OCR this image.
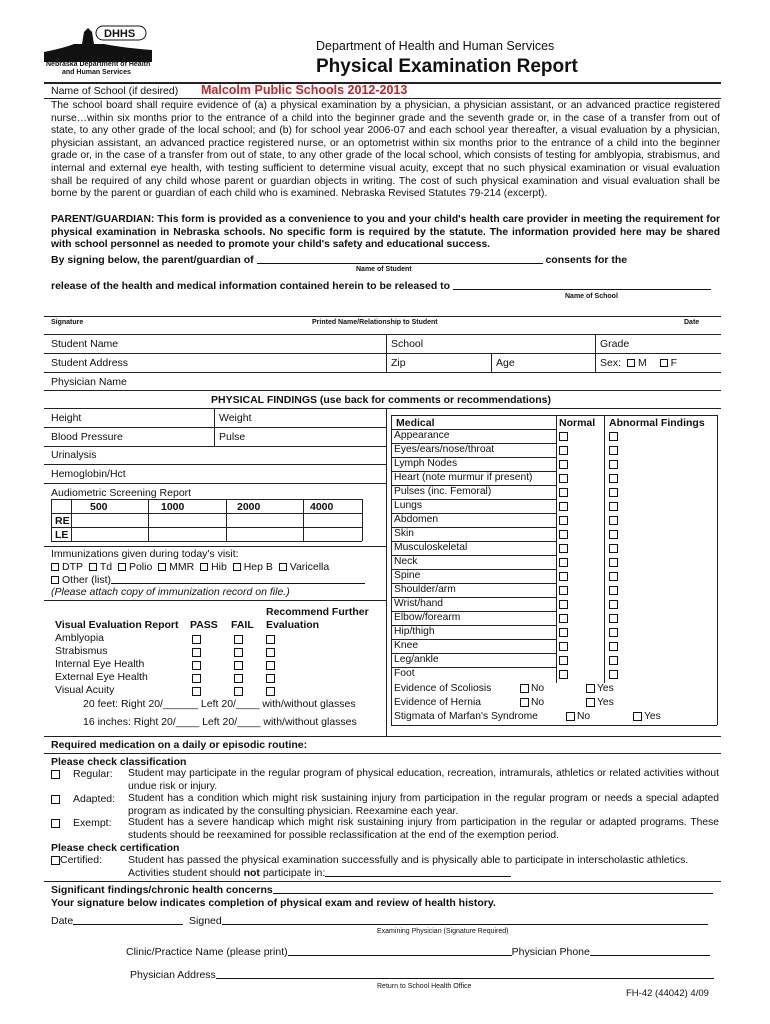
DHHS
Nebraska Department of Health
and Human Services
Department of Health and Human Services
Physical Examination Report
Name of School (if desired) Malcolm Public Schools 2012-2013
The school board shall require evidence of (a) a physical examination by a physician, a physician assistant, or an advanced practice registered nurse…within six months prior to the entrance of a child into the beginner grade and the seventh grade or, in the case of a transfer from out of state, to any other grade of the local school; and (b) for school year 2006-07 and each school year thereafter, a visual evaluation by a physician, physician assistant, an advanced practice registered nurse, or an optometrist within six months prior to the entrance of a child into the beginner grade or, in the case of a transfer from out of state, to any other grade of the local school, which consists of testing for amblyopia, strabismus, and internal and external eye health, with testing sufficient to determine visual acuity, except that no such physical examination or visual evaluation shall be required of any child whose parent or guardian objects in writing. The cost of such physical examination and visual evaluation shall be borne by the parent or guardian of each child who is examined. Nebraska Revised Statutes 79-214 (excerpt).
PARENT/GUARDIAN: This form is provided as a convenience to you and your child's health care provider in meeting the requirement for physical examination in Nebraska schools. No specific form is required by the statute. The information provided here may be shared with school personnel as needed to promote your child's safety and educational success.
By signing below, the parent/guardian of	consents for the
Name of Student
release of the health and medical information contained herein to be released to
Name of School
Signature	Printed Name/Relationship to Student	Date
Student Name	School	Grade
Student Address	Zip	Age	Sex: M F
Physician Name
PHYSICAL FINDINGS (use back for comments or recommendations)
Height	Weight
Blood Pressure	Pulse
Urinalysis
Hemoglobin/Hct
Audiometric Screening Report
500	1000	2000	4000
RE
LE
Immunizations given during today's visit:
DTP Td Polio MMR Hib Hep B Varicella
Other (list)
(Please attach copy of immunization record on file.)
Recommend Further
Visual Evaluation Report PASS FAIL Evaluation
Amblyopia
Strabismus
Internal Eye Health
External Eye Health
Visual Acuity
20 feet: Right 20/______ Left 20/____ with/without glasses
16 inches: Right 20/____ Left 20/____ with/without glasses
Medical	Normal Abnormal Findings
Appearance
Eyes/ears/nose/throat
Lymph Nodes
Heart (note murmur if present)
Pulses (inc. Femoral)
Lungs
Abdomen
Skin
Musculoskeletal
Neck
Spine
Shoulder/arm
Wrist/hand
Elbow/forearm
Hip/thigh
Knee
Leg/ankle
Foot
Evidence of Scoliosis	No	Yes
Evidence of Hernia	No	Yes
Stigmata of Marfan's Syndrome	No	Yes
Required medication on a daily or episodic routine:
Please check classification
Regular: Student may participate in the regular program of physical education, recreation, intramurals, athletics or related activities without undue risk or injury.
Adapted: Student has a condition which might risk sustaining injury from participation in the regular program or needs a special adapted program as indicated by the consulting physician. Reexamine each year.
Exempt: Student has a severe handicap which might risk sustaining injury from participation in the regular or adapted programs. These students should be reexamined for possible reclassification at the end of the exemption period.
Please check certification
Certified: Student has passed the physical examination successfully and is physically able to participate in interscholastic athletics.
Activities student should not participate in:
Significant findings/chronic health concerns
Your signature below indicates completion of physical exam and review of health history.
Date	Signed
Examining Physician (Signature Required)
Clinic/Practice Name (please print)	Physician Phone
Physician Address
Return to School Health Office
FH-42 (44042) 4/09
